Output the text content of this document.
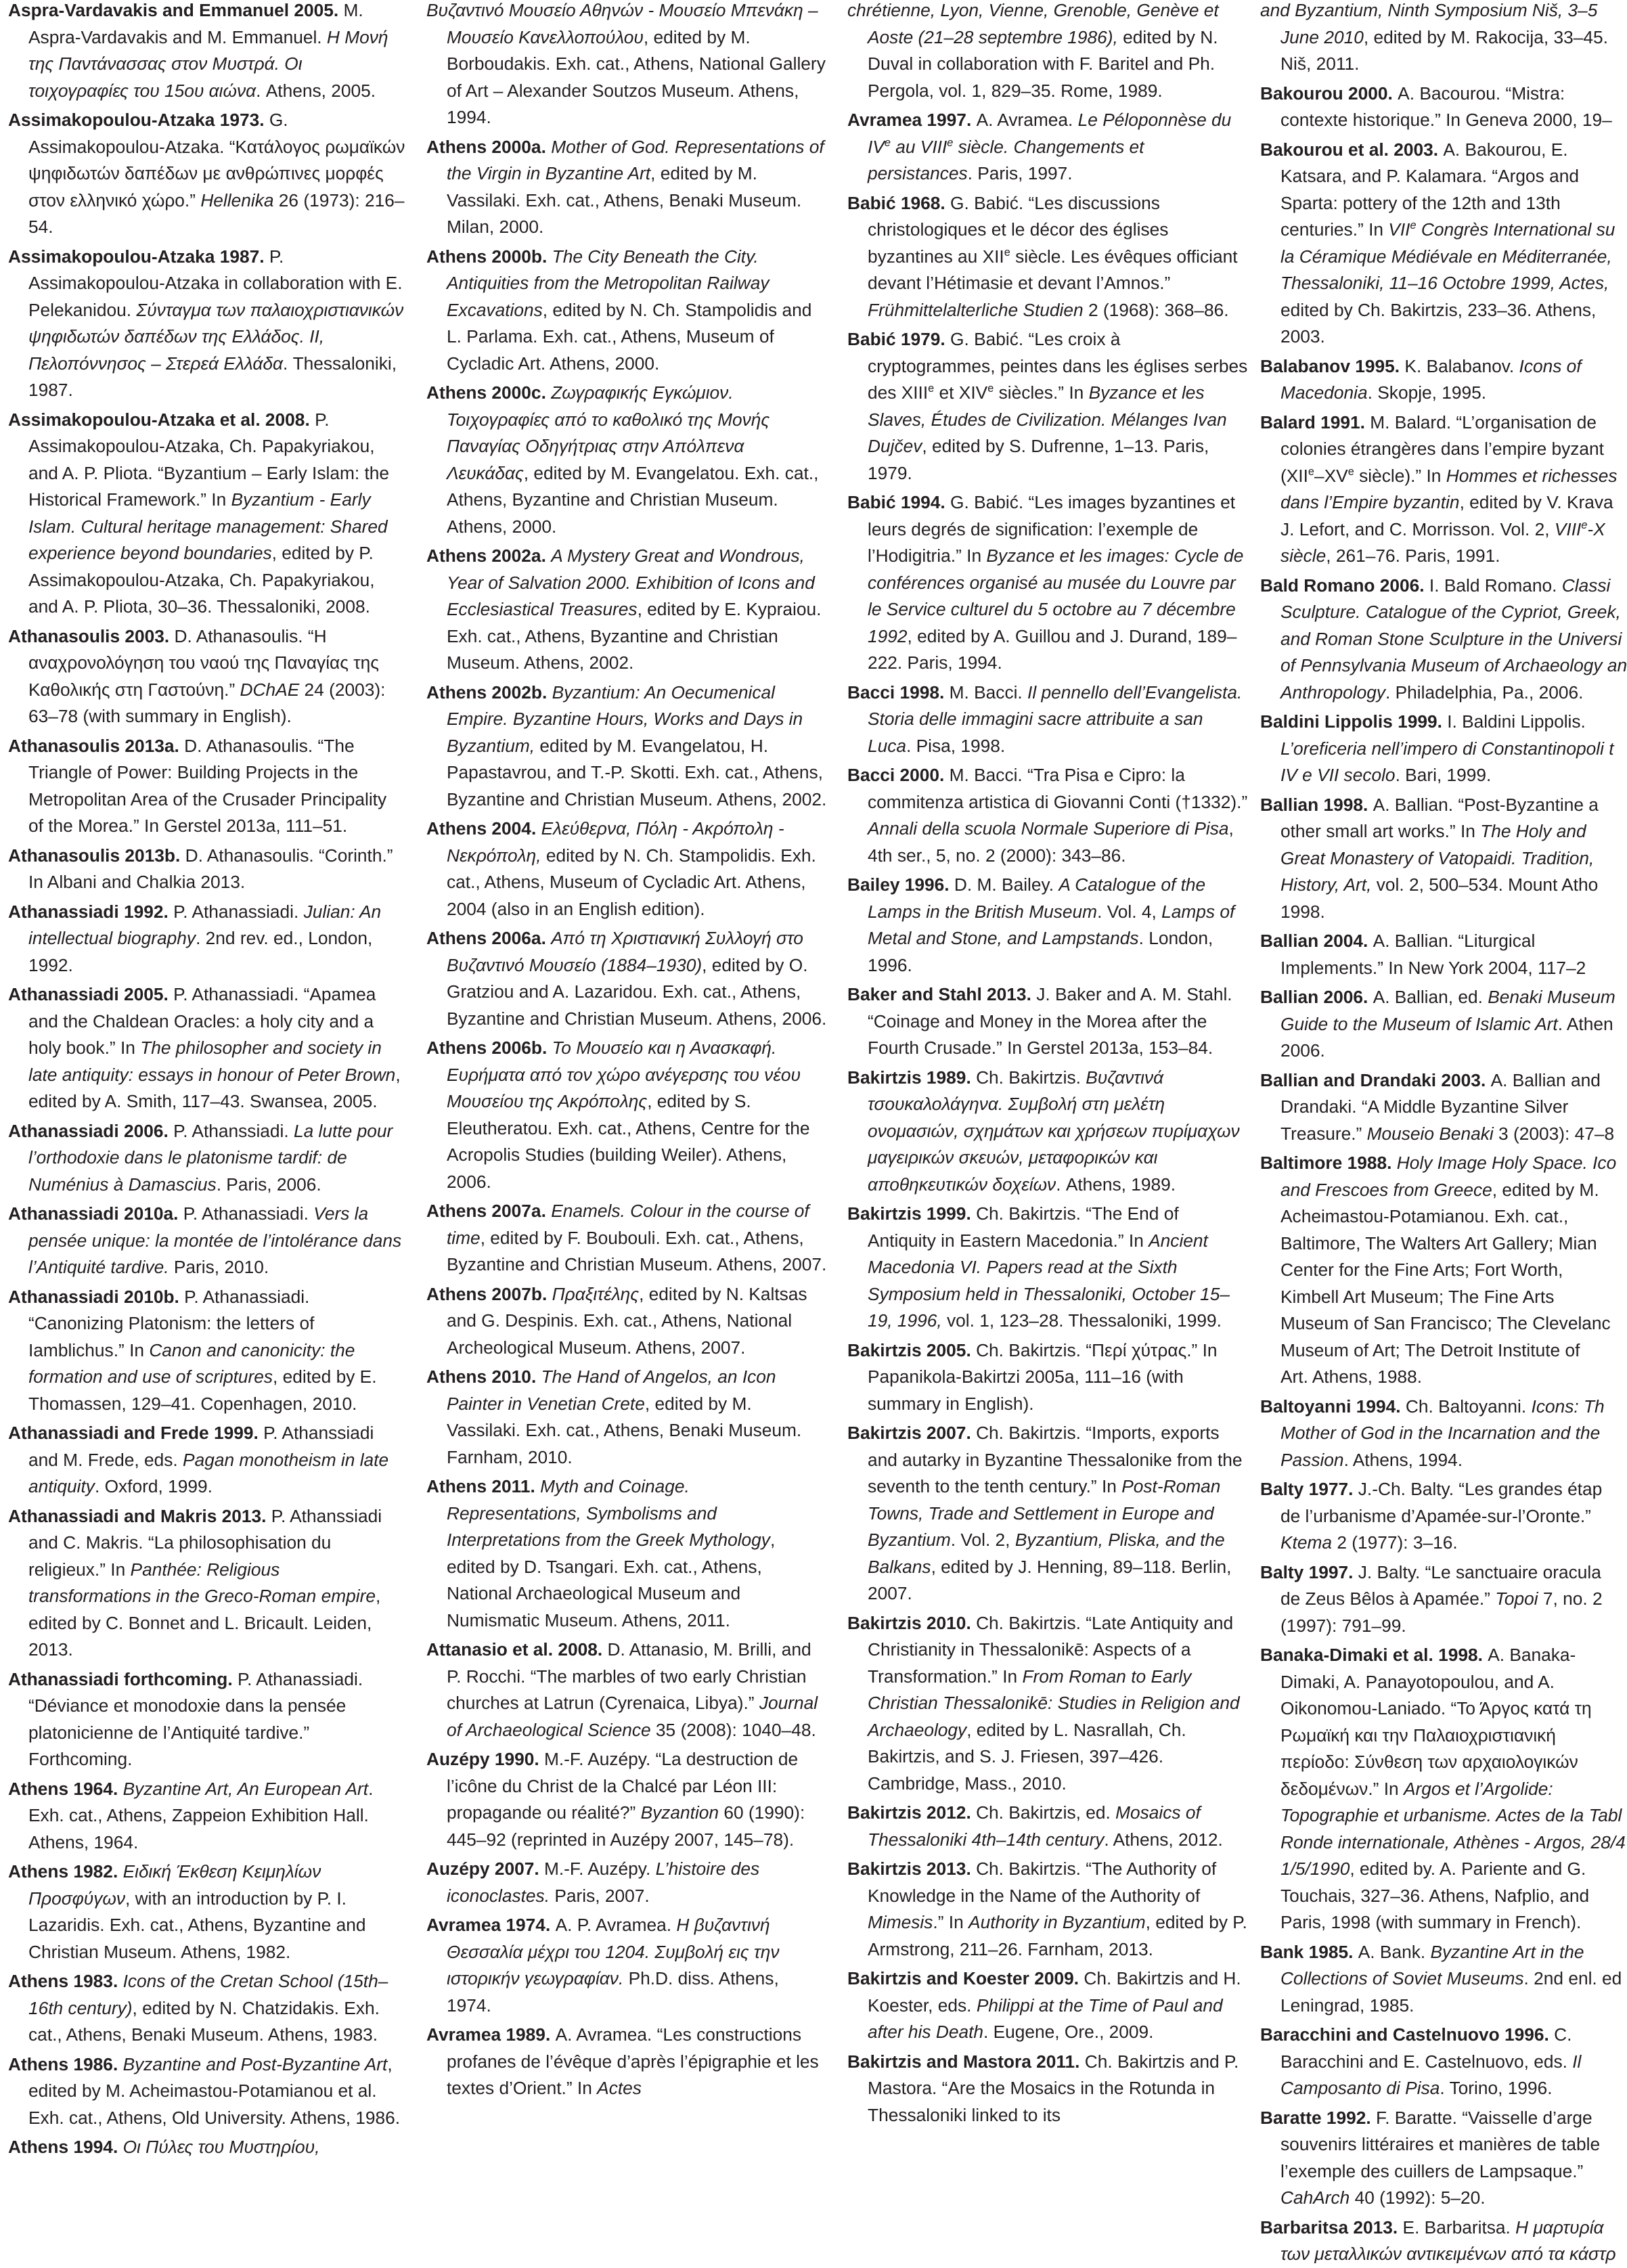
Aspra-Vardavakis and Emmanuel 2005. M. Aspra-Vardavakis and M. Emmanuel. Η Μονή της Παντάνασσας στον Μυστρά. Οι τοιχογραφίες του 15ου αιώνα. Athens, 2005.

Assimakopoulou-Atzaka 1973. G. Assimakopoulou-Atzaka. “Κατάλογος ρωμαϊκών ψηφιδωτών δαπέδων με ανθρώπινες μορφές στον ελληνικό χώρο.” Hellenika 26 (1973): 216–54.

Assimakopoulou-Atzaka 1987. P. Assimakopoulou-Atzaka in collaboration with E. Pelekanidou. Σύνταγμα των παλαιοχριστιανικών ψηφιδωτών δαπέδων της Ελλάδος. ΙΙ, Πελοπόννησος – Στερεά Ελλάδα. Thessaloniki, 1987.

Assimakopoulou-Atzaka et al. 2008. P. Assimakopoulou-Atzaka, Ch. Papakyriakou, and A. P. Pliota. “Byzantium – Early Islam: the Historical Framework.” In Byzantium - Early Islam. Cultural heritage management: Shared experience beyond boundaries, edited by P. Assimakopoulou-Atzaka, Ch. Papakyriakou, and A. P. Pliota, 30–36. Thessaloniki, 2008.

Athanasoulis 2003. D. Athanasoulis. “Η αναχρονολόγηση του ναού της Παναγίας της Καθολικής στη Γαστούνη.” DChAE 24 (2003): 63–78 (with summary in English).

Athanasoulis 2013a. D. Athanasoulis. “The Triangle of Power: Building Projects in the Metropolitan Area of the Crusader Principality of the Morea.” In Gerstel 2013a, 111–51.

Athanasoulis 2013b. D. Athanasoulis. “Corinth.” In Albani and Chalkia 2013.

Athanassiadi 1992. P. Athanassiadi. Julian: An intellectual biography. 2nd rev. ed., London, 1992.

Athanassiadi 2005. P. Athanassiadi. “Apamea and the Chaldean Oracles: a holy city and a holy book.” In The philosopher and society in late antiquity: essays in honour of Peter Brown, edited by A. Smith, 117–43. Swansea, 2005.

Athanassiadi 2006. P. Athanssiadi. La lutte pour l’orthodoxie dans le platonisme tardif: de Numénius à Damascius. Paris, 2006.

Athanassiadi 2010a. P. Athanassiadi. Vers la pensée unique: la montée de l’intolérance dans l’Antiquité tardive. Paris, 2010.

Athanassiadi 2010b. P. Athanassiadi. “Canonizing Platonism: the letters of Iamblichus.” In Canon and canonicity: the formation and use of scriptures, edited by E. Thomassen, 129–41. Copenhagen, 2010.

Athanassiadi and Frede 1999. P. Athanssiadi and M. Frede, eds. Pagan monotheism in late antiquity. Oxford, 1999.

Athanassiadi and Makris 2013. P. Athanssiadi and C. Makris. “La philosophisation du religieux.” In Panthée: Religious transformations in the Greco-Roman empire, edited by C. Bonnet and L. Bricault. Leiden, 2013.

Athanassiadi forthcoming. P. Athanassiadi. “Déviance et monodoxie dans la pensée platonicienne de l’Antiquité tardive.” Forthcoming.

Athens 1964. Byzantine Art, An European Art. Exh. cat., Athens, Zappeion Exhibition Hall. Athens, 1964.

Athens 1982. Ειδική Έκθεση Κειμηλίων Προσφύγων, with an introduction by P. I. Lazaridis. Exh. cat., Athens, Byzantine and Christian Museum. Athens, 1982.

Athens 1983. Icons of the Cretan School (15th–16th century), edited by N. Chatzidakis. Exh. cat., Athens, Benaki Museum. Athens, 1983.

Athens 1986. Byzantine and Post-Byzantine Art, edited by M. Acheimastou-Potamianou et al. Exh. cat., Athens, Old University. Athens, 1986.

Athens 1994. Οι Πύλες του Μυστηρίου,

Βυζαντινό Μουσείο Αθηνών - Μουσείο Μπενάκη – Μουσείο Κανελλοπούλου, edited by M. Borboudakis. Exh. cat., Athens, National Gallery of Art – Alexander Soutzos Museum. Athens, 1994.

Athens 2000a. Mother of God. Representations of the Virgin in Byzantine Art, edited by M. Vassilaki. Exh. cat., Athens, Benaki Museum. Milan, 2000.

Athens 2000b. The City Beneath the City. Antiquities from the Metropolitan Railway Excavations, edited by N. Ch. Stampolidis and L. Parlama. Exh. cat., Athens, Museum of Cycladic Art. Athens, 2000.

Athens 2000c. Ζωγραφικής Εγκώμιον. Τοιχογραφίες από το καθολικό της Μονής Παναγίας Οδηγήτριας στην Απόλπενα Λευκάδας, edited by M. Evangelatou. Exh. cat., Athens, Byzantine and Christian Museum. Athens, 2000.

Athens 2002a. A Mystery Great and Wondrous, Year of Salvation 2000. Exhibition of Icons and Ecclesiastical Treasures, edited by E. Kypraiou. Exh. cat., Athens, Byzantine and Christian Museum. Athens, 2002.

Athens 2002b. Byzantium: An Oecumenical Empire. Byzantine Hours, Works and Days in Byzantium, edited by M. Evangelatou, H. Papastavrou, and T.-P. Skotti. Exh. cat., Athens, Byzantine and Christian Museum. Athens, 2002.

Athens 2004. Ελεύθερνα, Πόλη - Ακρόπολη - Νεκρόπολη, edited by N. Ch. Stampolidis. Exh. cat., Athens, Museum of Cycladic Art. Athens, 2004 (also in an English edition).

Athens 2006a. Από τη Χριστιανική Συλλογή στο Βυζαντινό Μουσείο (1884–1930), edited by O. Gratziou and A. Lazaridou. Exh. cat., Athens, Byzantine and Christian Museum. Athens, 2006.

Athens 2006b. Το Μουσείο και η Ανασκαφή. Ευρήματα από τον χώρο ανέγερσης του νέου Μουσείου της Ακρόπολης, edited by S. Eleutheratou. Exh. cat., Athens, Centre for the Acropolis Studies (building Weiler). Athens, 2006.

Athens 2007a. Enamels. Colour in the course of time, edited by F. Boubouli. Exh. cat., Athens, Byzantine and Christian Museum. Athens, 2007.

Athens 2007b. Πραξιτέλης, edited by N. Kaltsas and G. Despinis. Exh. cat., Athens, National Archeological Museum. Athens, 2007.

Athens 2010. The Hand of Angelos, an Icon Painter in Venetian Crete, edited by M. Vassilaki. Exh. cat., Athens, Benaki Museum. Farnham, 2010.

Athens 2011. Myth and Coinage. Representations, Symbolisms and Interpretations from the Greek Mythology, edited by D. Tsangari. Exh. cat., Athens, National Archaeological Museum and Numismatic Museum. Athens, 2011.

Attanasio et al. 2008. D. Attanasio, M. Brilli, and P. Rocchi. “The marbles of two early Christian churches at Latrun (Cyrenaica, Libya).” Journal of Archaeological Science 35 (2008): 1040–48.

Auzépy 1990. M.-F. Auzépy. “La destruction de l’icône du Christ de la Chalcé par Léon III: propagande ou réalité?” Byzantion 60 (1990): 445–92 (reprinted in Auzépy 2007, 145–78).

Auzépy 2007. M.-F. Auzépy. L’histoire des iconoclastes. Paris, 2007.

Avramea 1974. A. P. Avramea. Η βυζαντινή Θεσσαλία μέχρι του 1204. Συμβολή εις την ιστορικήν γεωγραφίαν. Ph.D. diss. Athens, 1974.

Avramea 1989. A. Avramea. “Les constructions profanes de l’évêque d’après l’épigraphie et les textes d’Orient.” In Actes

chrétienne, Lyon, Vienne, Grenoble, Genève et Aoste (21–28 septembre 1986), edited by N. Duval in collaboration with F. Baritel and Ph. Pergola, vol. 1, 829–35. Rome, 1989.

Avramea 1997. A. Avramea. Le Péloponnèse du IVe au VIIIe siècle. Changements et persistances. Paris, 1997.

Babić 1968. G. Babić. “Les discussions christologiques et le décor des églises byzantines au XIIe siècle. Les évêques officiant devant l’Hétimasie et devant l’Amnos.” Frühmittelalterliche Studien 2 (1968): 368–86.

Babić 1979. G. Babić. “Les croix à cryptogrammes, peintes dans les églises serbes des XIIIe et XIVe siècles.” In Byzance et les Slaves, Études de Civilization. Mélanges Ivan Dujčev, edited by S. Dufrenne, 1–13. Paris, 1979.

Babić 1994. G. Babić. “Les images byzantines et leurs degrés de signification: l’exemple de l’Hodigitria.” In Byzance et les images: Cycle de conférences organisé au musée du Louvre par le Service culturel du 5 octobre au 7 décembre 1992, edited by A. Guillou and J. Durand, 189–222. Paris, 1994.

Bacci 1998. M. Bacci. Il pennello dell’Evangelista. Storia delle immagini sacre attribuite a san Luca. Pisa, 1998.

Bacci 2000. M. Bacci. “Tra Pisa e Cipro: la commitenza artistica di Giovanni Conti (†1332).” Annali della scuola Normale Superiore di Pisa, 4th ser., 5, no. 2 (2000): 343–86.

Bailey 1996. D. M. Bailey. A Catalogue of the Lamps in the British Museum. Vol. 4, Lamps of Metal and Stone, and Lampstands. London, 1996.

Baker and Stahl 2013. J. Baker and A. M. Stahl. “Coinage and Money in the Morea after the Fourth Crusade.” In Gerstel 2013a, 153–84.

Bakirtzis 1989. Ch. Bakirtzis. Βυζαντινά τσουκαλολάγηνα. Συμβολή στη μελέτη ονομασιών, σχημάτων και χρήσεων πυρίμαχων μαγειρικών σκευών, μεταφορικών και αποθηκευτικών δοχείων. Athens, 1989.

Bakirtzis 1999. Ch. Bakirtzis. “The End of Antiquity in Eastern Macedonia.” In Ancient Macedonia VI. Papers read at the Sixth Symposium held in Thessaloniki, October 15–19, 1996, vol. 1, 123–28. Thessaloniki, 1999.

Bakirtzis 2005. Ch. Bakirtzis. “Περί χύτρας.” In Papanikola-Bakirtzi 2005a, 111–16 (with summary in English).

Bakirtzis 2007. Ch. Bakirtzis. “Imports, exports and autarky in Byzantine Thessalonike from the seventh to the tenth century.” In Post-Roman Towns, Trade and Settlement in Europe and Byzantium. Vol. 2, Byzantium, Pliska, and the Balkans, edited by J. Henning, 89–118. Berlin, 2007.

Bakirtzis 2010. Ch. Bakirtzis. “Late Antiquity and Christianity in Thessalonikē: Aspects of a Transformation.” In From Roman to Early Christian Thessalonikē: Studies in Religion and Archaeology, edited by L. Nasrallah, Ch. Bakirtzis, and S. J. Friesen, 397–426. Cambridge, Mass., 2010.

Bakirtzis 2012. Ch. Bakirtzis, ed. Mosaics of Thessaloniki 4th–14th century. Athens, 2012.

Bakirtzis 2013. Ch. Bakirtzis. “The Authority of Knowledge in the Name of the Authority of Mimesis.” In Authority in Byzantium, edited by P. Armstrong, 211–26. Farnham, 2013.

Bakirtzis and Koester 2009. Ch. Bakirtzis and H. Koester, eds. Philippi at the Time of Paul and after his Death. Eugene, Ore., 2009.

Bakirtzis and Mastora 2011. Ch. Bakirtzis and P. Mastora. “Are the Mosaics in the Rotunda in Thessaloniki linked to its

and Byzantium, Ninth Symposium Niš, 3–5
June 2010, edited by M. Rakocija, 33–45.
Niš, 2011.

Bakourou 2000. A. Bacourou. “Mistra:
contexte historique.” In Geneva 2000, 19–

Bakourou et al. 2003. A. Bakourou, E.
Katsara, and P. Kalamara. “Argos and
Sparta: pottery of the 12th and 13th
centuries.” In VIIe Congrès International su
la Céramique Médiévale en Méditerranée,
Thessaloniki, 11–16 Octobre 1999, Actes,
edited by Ch. Bakirtzis, 233–36. Athens,
2003.

Balabanov 1995. K. Balabanov. Icons of
Macedonia. Skopje, 1995.

Balard 1991. M. Balard. “L’organisation de
colonies étrangères dans l’empire byzant
(XIIe–XVe siècle).” In Hommes et richesses
dans l’Empire byzantin, edited by V. Krava
J. Lefort, and C. Morrisson. Vol. 2, VIIIe-X
siècle, 261–76. Paris, 1991.

Bald Romano 2006. I. Bald Romano. Classi
Sculpture. Catalogue of the Cypriot, Greek,
and Roman Stone Sculpture in the Universi
of Pennsylvania Museum of Archaeology an
Anthropology. Philadelphia, Pa., 2006.

Baldini Lippolis 1999. I. Baldini Lippolis.
L’oreficeria nell’impero di Constantinopoli t
IV e VII secolo. Bari, 1999.

Ballian 1998. A. Ballian. “Post-Byzantine a
other small art works.” In The Holy and
Great Monastery of Vatopaidi. Tradition,
History, Art, vol. 2, 500–534. Mount Atho
1998.

Ballian 2004. A. Ballian. “Liturgical
Implements.” In New York 2004, 117–2

Ballian 2006. A. Ballian, ed. Benaki Museum
Guide to the Museum of Islamic Art. Athen
2006.

Ballian and Drandaki 2003. A. Ballian and
Drandaki. “A Middle Byzantine Silver
Treasure.” Mouseio Benaki 3 (2003): 47–8

Baltimore 1988. Holy Image Holy Space. Ico
and Frescoes from Greece, edited by M.
Acheimastou-Potamianou. Exh. cat.,
Baltimore, The Walters Art Gallery; Mian
Center for the Fine Arts; Fort Worth,
Kimbell Art Museum; The Fine Arts
Museum of San Francisco; The Clevelanc
Museum of Art; The Detroit Institute of
Art. Athens, 1988.

Baltoyanni 1994. Ch. Baltoyanni. Icons: Th
Mother of God in the Incarnation and the
Passion. Athens, 1994.

Balty 1977. J.-Ch. Balty. “Les grandes étap
de l’urbanisme d’Apamée-sur-l’Oronte.”
Ktema 2 (1977): 3–16.

Balty 1997. J. Balty. “Le sanctuaire oracula
de Zeus Bêlos à Apamée.” Topoi 7, no. 2
(1997): 791–99.

Banaka-Dimaki et al. 1998. A. Banaka-
Dimaki, A. Panayotopoulou, and A.
Oikonomou-Laniado. “Το Άργος κατά τη
Ρωμαϊκή και την Παλαιοχριστιανική
περίοδο: Σύνθεση των αρχαιολογικών
δεδομένων.” In Argos et l’Argolide:
Topographie et urbanisme. Actes de la Tabl
Ronde internationale, Athènes - Argos, 28/4
1/5/1990, edited by. A. Pariente and G.
Touchais, 327–36. Athens, Nafplio, and
Paris, 1998 (with summary in French).

Bank 1985. A. Bank. Byzantine Art in the
Collections of Soviet Museums. 2nd enl. ed
Leningrad, 1985.

Baracchini and Castelnuovo 1996. C.
Baracchini and E. Castelnuovo, eds. Il
Camposanto di Pisa. Torino, 1996.

Baratte 1992. F. Baratte. “Vaisselle d’arge
souvenirs littéraires et manières de table
l’exemple des cuillers de Lampsaque.”
CahArch 40 (1992): 5–20.

Barbaritsa 2013. E. Barbaritsa. Η μαρτυρία
των μεταλλικών αντικειμένων από τα κάστρ
